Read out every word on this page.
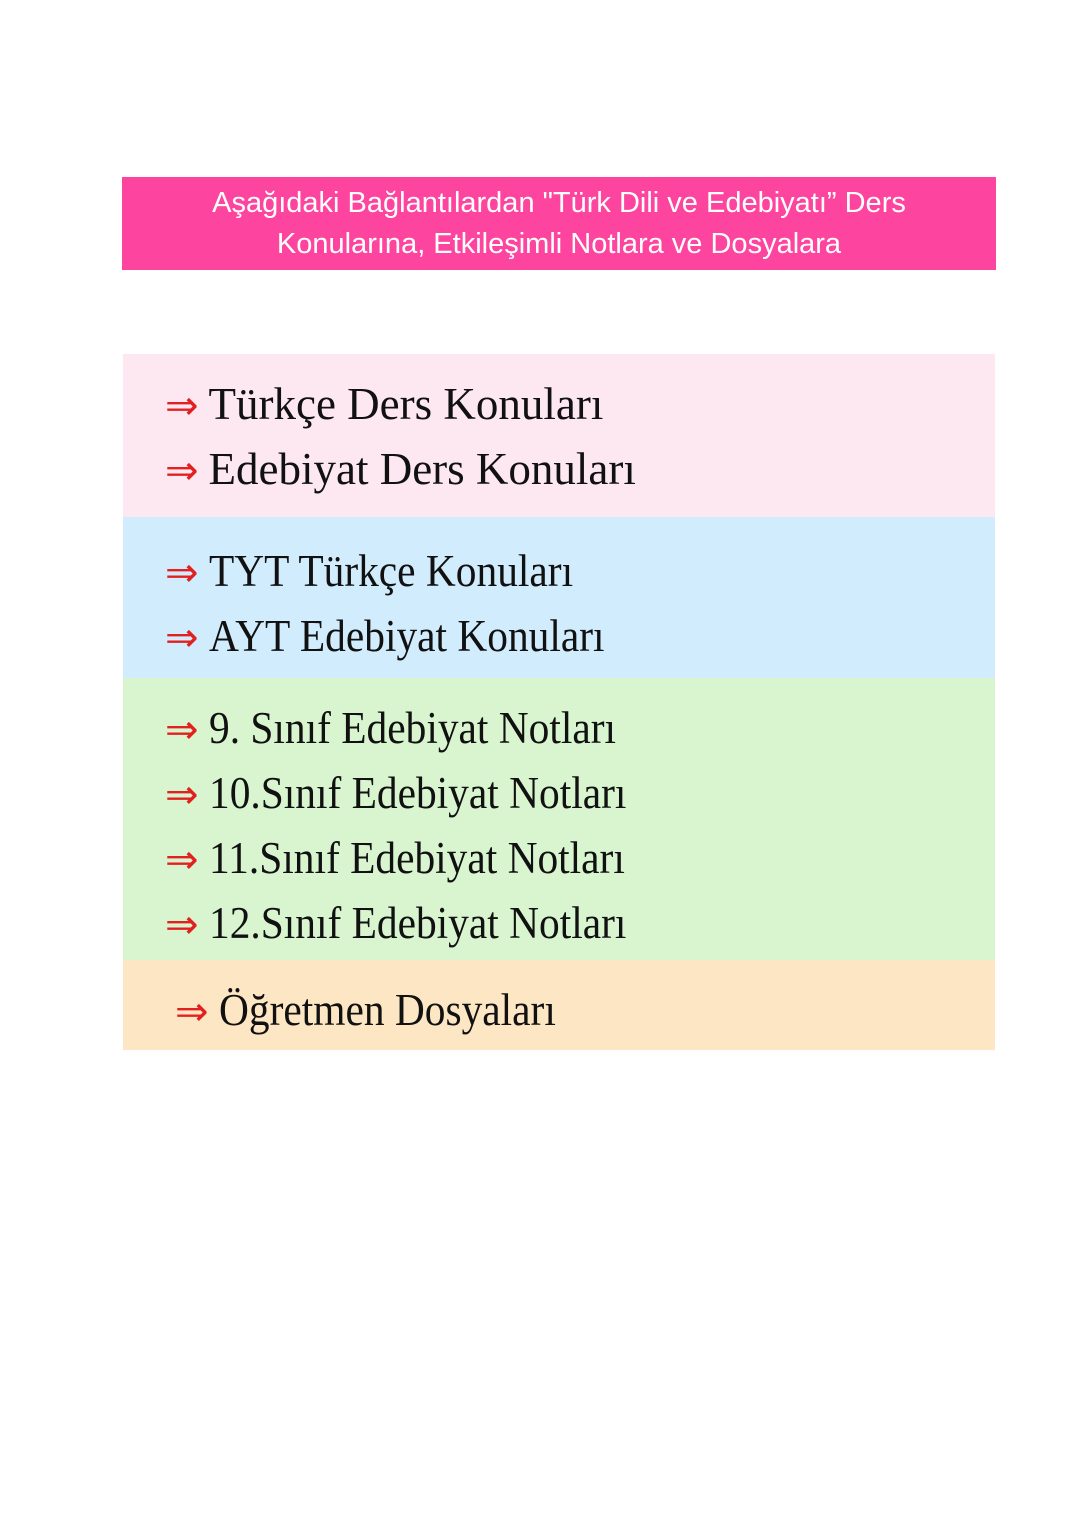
Aşağıdaki Bağlantılardan "Türk Dili ve Edebiyatı” Ders
Konularına, Etkileşimli Notlara ve Dosyalara
⇒ Türkçe Ders Konuları
⇒ Edebiyat Ders Konuları
⇒ TYT Türkçe Konuları
⇒ AYT Edebiyat Konuları
⇒ 9. Sınıf Edebiyat Notları
⇒ 10.Sınıf Edebiyat Notları
⇒ 11.Sınıf Edebiyat Notları
⇒ 12.Sınıf Edebiyat Notları
⇒ Öğretmen Dosyaları
